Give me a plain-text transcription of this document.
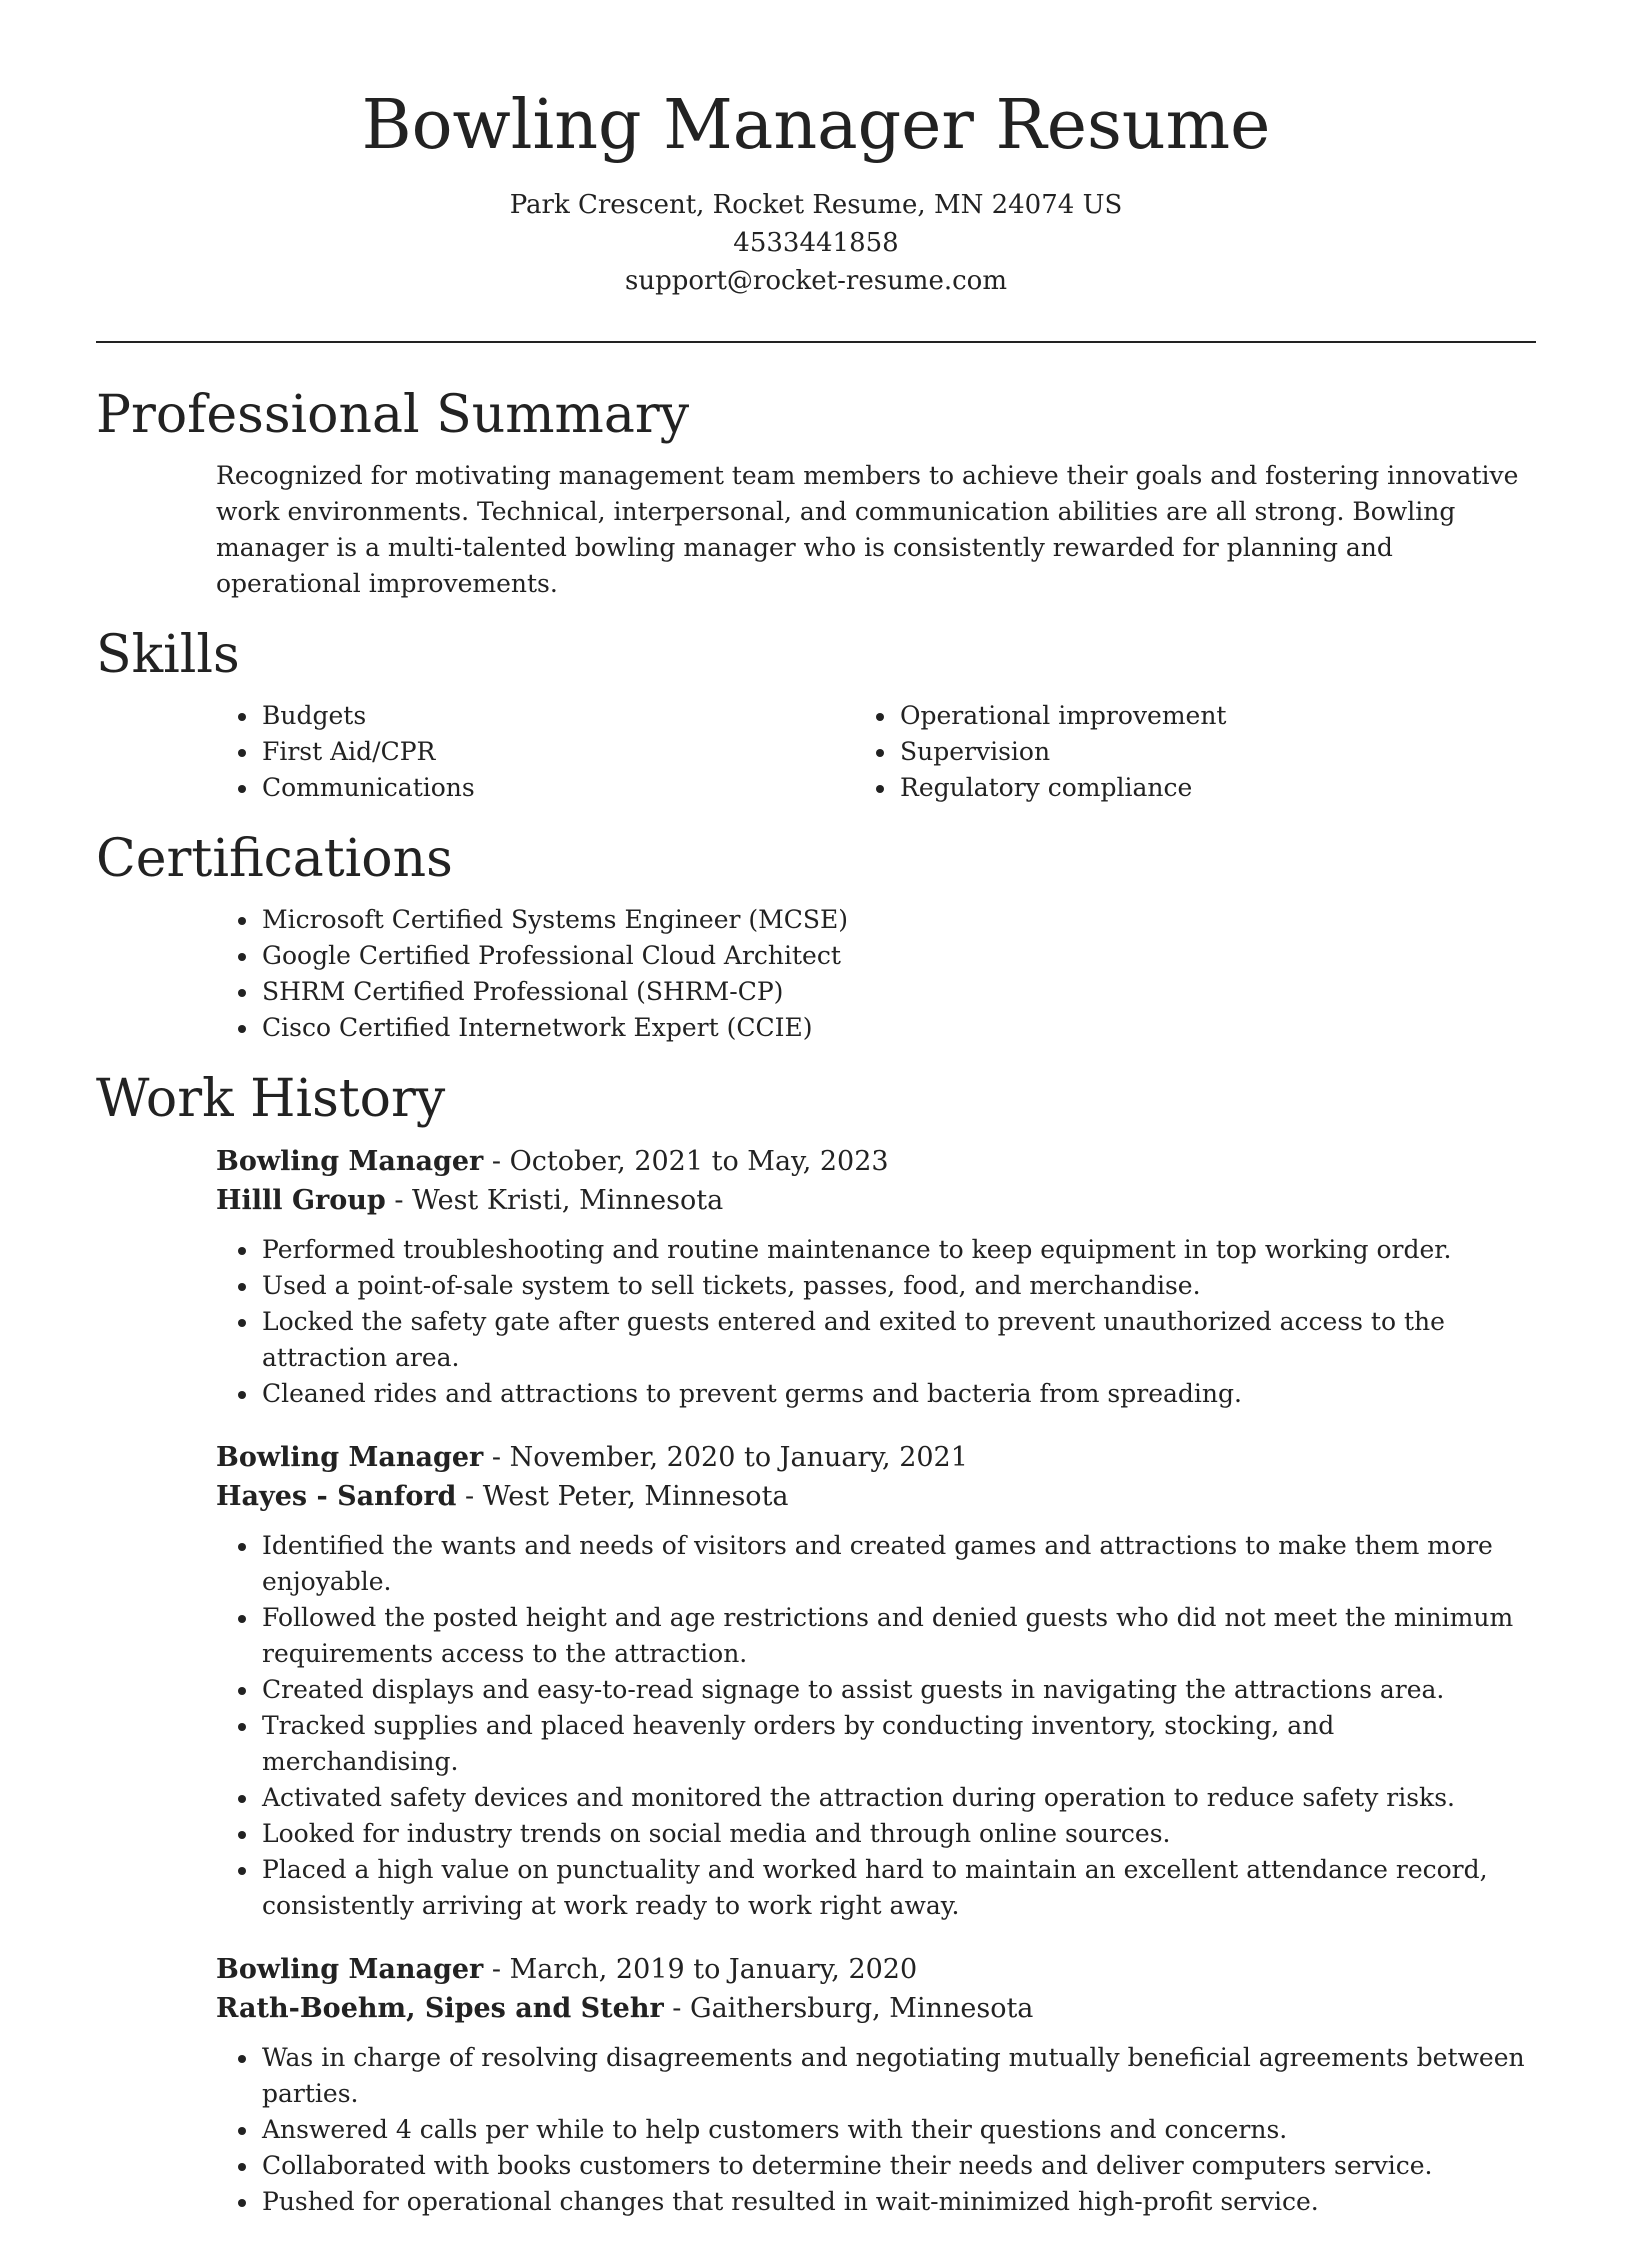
Bowling Manager Resume
Park Crescent, Rocket Resume, MN 24074 US
4533441858
support@rocket-resume.com
Professional Summary

Recognized for motivating management team members to achieve their goals and fostering innovative work environments. Technical, interpersonal, and communication abilities are all strong. Bowling manager is a multi-talented bowling manager who is consistently rewarded for planning and operational improvements.

Skills
• Budgets
• First Aid/CPR
• Communications
• Operational improvement
• Supervision
• Regulatory compliance
Certifications
• Microsoft Certified Systems Engineer (MCSE)
• Google Certified Professional Cloud Architect
• SHRM Certified Professional (SHRM-CP)
• Cisco Certified Internetwork Expert (CCIE)
Work History
Bowling Manager - October, 2021 to May, 2023
Hilll Group - West Kristi, Minnesota
• Performed troubleshooting and routine maintenance to keep equipment in top working order.
• Used a point-of-sale system to sell tickets, passes, food, and merchandise.
• Locked the safety gate after guests entered and exited to prevent unauthorized access to the attraction area.
• Cleaned rides and attractions to prevent germs and bacteria from spreading.
Bowling Manager - November, 2020 to January, 2021
Hayes - Sanford - West Peter, Minnesota
• Identified the wants and needs of visitors and created games and attractions to make them more enjoyable.
• Followed the posted height and age restrictions and denied guests who did not meet the minimum requirements access to the attraction.
• Created displays and easy-to-read signage to assist guests in navigating the attractions area.
• Tracked supplies and placed heavenly orders by conducting inventory, stocking, and merchandising.
• Activated safety devices and monitored the attraction during operation to reduce safety risks.
• Looked for industry trends on social media and through online sources.
• Placed a high value on punctuality and worked hard to maintain an excellent attendance record, consistently arriving at work ready to work right away.
Bowling Manager - March, 2019 to January, 2020
Rath-Boehm, Sipes and Stehr - Gaithersburg, Minnesota
• Was in charge of resolving disagreements and negotiating mutually beneficial agreements between parties.
• Answered 4 calls per while to help customers with their questions and concerns.
• Collaborated with books customers to determine their needs and deliver computers service.
• Pushed for operational changes that resulted in wait-minimized high-profit service.
